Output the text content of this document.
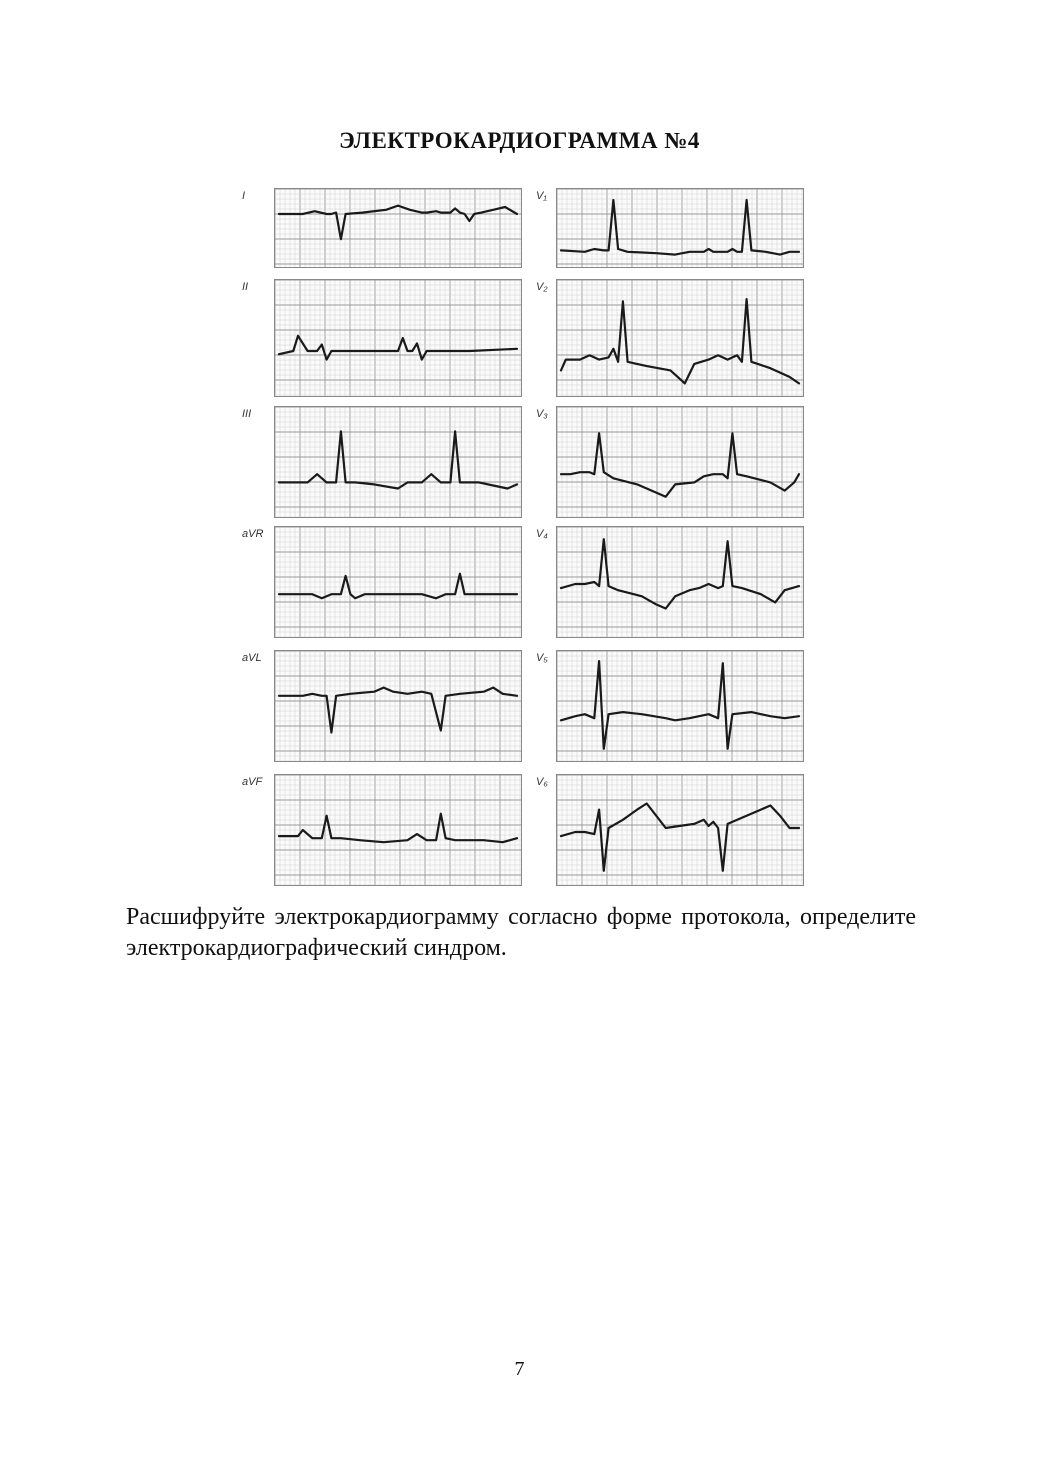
ЭЛЕКТРОКАРДИОГРАММА №4
I
II
III
aVR
aVL
aVF
V₁
V₂
V₃
V₄
V₅
V₆
Расшифруйте электрокардиограмму согласно форме протокола, определите электрокардиографический синдром.
7
